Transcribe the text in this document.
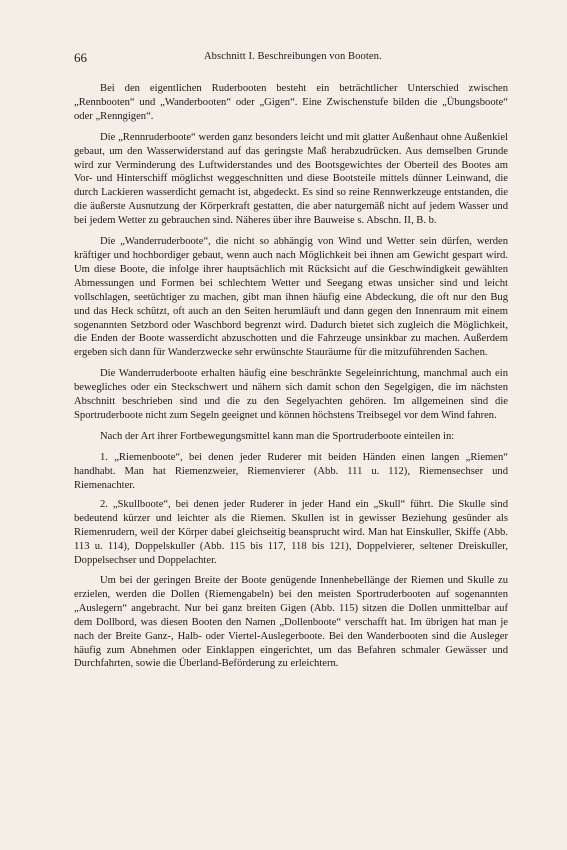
66	Abschnitt I. Beschreibungen von Booten.

Bei den eigentlichen Ruderbooten besteht ein beträchtlicher Unterschied zwischen „Rennbooten“ und „Wanderbooten“ oder „Gigen“. Eine Zwischenstufe bilden die „Übungsboote“ oder „Renngigen“.

Die „Rennruderboote“ werden ganz besonders leicht und mit glatter Außenhaut ohne Außenkiel gebaut, um den Wasserwiderstand auf das geringste Maß herabzudrücken. Aus demselben Grunde wird zur Verminderung des Luftwiderstandes und des Bootsgewichtes der Oberteil des Bootes am Vor- und Hinterschiff möglichst weggeschnitten und diese Bootsteile mittels dünner Leinwand, die durch Lackieren wasserdicht gemacht ist, abgedeckt. Es sind so reine Rennwerkzeuge entstanden, die die äußerste Ausnutzung der Körperkraft gestatten, die aber naturgemäß nicht auf jedem Wasser und bei jedem Wetter zu gebrauchen sind. Näheres über ihre Bauweise s. Abschn. II, B. b.

Die „Wanderruderboote“, die nicht so abhängig von Wind und Wetter sein dürfen, werden kräftiger und hochbordiger gebaut, wenn auch nach Möglichkeit bei ihnen am Gewicht gespart wird. Um diese Boote, die infolge ihrer hauptsächlich mit Rücksicht auf die Geschwindigkeit gewählten Abmessungen und Formen bei schlechtem Wetter und Seegang etwas unsicher sind und leicht vollschlagen, seetüchtiger zu machen, gibt man ihnen häufig eine Abdeckung, die oft nur den Bug und das Heck schützt, oft auch an den Seiten herumläuft und dann gegen den Innenraum mit einem sogenannten Setzbord oder Waschbord begrenzt wird. Dadurch bietet sich zugleich die Möglichkeit, die Enden der Boote wasserdicht abzuschotten und die Fahrzeuge unsinkbar zu machen. Außerdem ergeben sich dann für Wanderzwecke sehr erwünschte Stauräume für die mitzuführenden Sachen.

Die Wanderruderboote erhalten häufig eine beschränkte Segeleinrichtung, manchmal auch ein bewegliches oder ein Steckschwert und nähern sich damit schon den Segelgigen, die im nächsten Abschnitt beschrieben sind und die zu den Segelyachten gehören. Im allgemeinen sind die Sportruderboote nicht zum Segeln geeignet und können höchstens Treibsegel vor dem Wind fahren.

Nach der Art ihrer Fortbewegungsmittel kann man die Sportruderboote einteilen in:

1. „Riemenboote“, bei denen jeder Ruderer mit beiden Händen einen langen „Riemen“ handhabt. Man hat Riemenzweier, Riemenvierer (Abb. 111 u. 112), Riemensechser und Riemenachter.

2. „Skullboote“, bei denen jeder Ruderer in jeder Hand ein „Skull“ führt. Die Skulle sind bedeutend kürzer und leichter als die Riemen. Skullen ist in gewisser Beziehung gesünder als Riemenrudern, weil der Körper dabei gleichseitig beansprucht wird. Man hat Einskuller, Skiffe (Abb. 113 u. 114), Doppelskuller (Abb. 115 bis 117, 118 bis 121), Doppelvierer, seltener Dreiskuller, Doppelsechser und Doppelachter.

Um bei der geringen Breite der Boote genügende Innenhebellänge der Riemen und Skulle zu erzielen, werden die Dollen (Riemengabeln) bei den meisten Sportruderbooten auf sogenannten „Auslegern“ angebracht. Nur bei ganz breiten Gigen (Abb. 115) sitzen die Dollen unmittelbar auf dem Dollbord, was diesen Booten den Namen „Dollenboote“ verschafft hat. Im übrigen hat man je nach der Breite Ganz-, Halb- oder Viertel-Auslegerboote. Bei den Wanderbooten sind die Ausleger häufig zum Abnehmen oder Einklappen eingerichtet, um das Befahren schmaler Gewässer und Durchfahrten, sowie die Überland-Beförderung zu erleichtern.
